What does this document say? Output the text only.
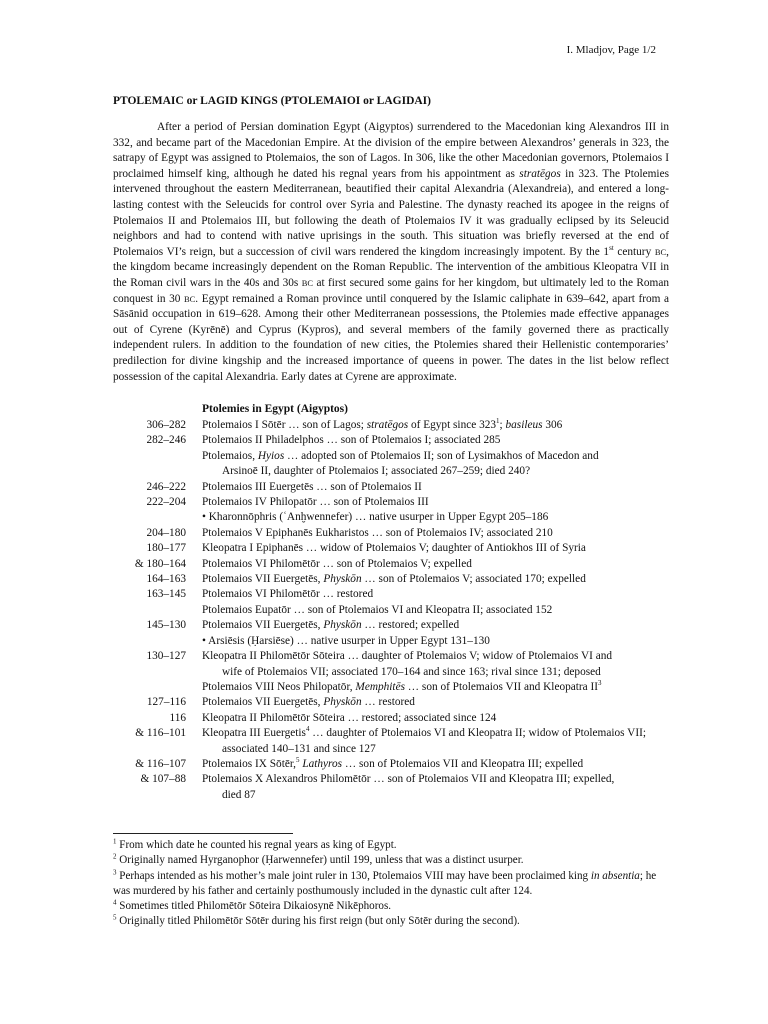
I. Mladjov, Page 1/2
PTOLEMAIC or LAGID KINGS (PTOLEMAIOI or LAGIDAI)

After a period of Persian domination Egypt (Aigyptos) surrendered to the Macedonian king Alexandros III in 332, and became part of the Macedonian Empire. At the division of the empire between Alexandros’ generals in 323, the satrapy of Egypt was assigned to Ptolemaios, the son of Lagos. In 306, like the other Macedonian governors, Ptolemaios I proclaimed himself king, although he dated his regnal years from his appointment as stratēgos in 323. The Ptolemies intervened throughout the eastern Mediterranean, beautified their capital Alexandria (Alexandreia), and entered a long-lasting contest with the Seleucids for control over Syria and Palestine. The dynasty reached its apogee in the reigns of Ptolemaios II and Ptolemaios III, but following the death of Ptolemaios IV it was gradually eclipsed by its Seleucid neighbors and had to contend with native uprisings in the south. This situation was briefly reversed at the end of Ptolemaios VI’s reign, but a succession of civil wars rendered the kingdom increasingly impotent. By the 1st century BC, the kingdom became increasingly dependent on the Roman Republic. The intervention of the ambitious Kleopatra VII in the Roman civil wars in the 40s and 30s BC at first secured some gains for her kingdom, but ultimately led to the Roman conquest in 30 BC. Egypt remained a Roman province until conquered by the Islamic caliphate in 639–642, apart from a Sāsānid occupation in 619–628. Among their other Mediterranean possessions, the Ptolemies made effective appanages out of Cyrene (Kyrēnē) and Cyprus (Kypros), and several members of the family governed there as practically independent rulers. In addition to the foundation of new cities, the Ptolemies shared their Hellenistic contemporaries’ predilection for divine kingship and the increased importance of queens in power. The dates in the list below reflect possession of the capital Alexandria. Early dates at Cyrene are approximate.

Ptolemies in Egypt (Aigyptos)
306–282 Ptolemaios I Sōtēr … son of Lagos; stratēgos of Egypt since $323^1$; basileus 306
282–246 Ptolemaios II Philadelphos … son of Ptolemaios I; associated 285
Ptolemaios, Hyios … adopted son of Ptolemaios II; son of Lysimakhos of Macedon and
Arsinoē II, daughter of Ptolemaios I; associated 267–259; died 240?
246–222 Ptolemaios III Euergetēs … son of Ptolemaios II
222–204 Ptolemaios IV Philopatōr … son of Ptolemaios III
• Kharonnōphris (ʿAnḫwennefer) … native usurper in Upper Egypt 205–186
204–180 Ptolemaios V Epiphanēs Eukharistos … son of Ptolemaios IV; associated 210
180–177 Kleopatra I Epiphanēs … widow of Ptolemaios V; daughter of Antiokhos III of Syria
& 180–164 Ptolemaios VI Philomētōr … son of Ptolemaios V; expelled
164–163 Ptolemaios VII Euergetēs, Physkōn … son of Ptolemaios V; associated 170; expelled
163–145 Ptolemaios VI Philomētōr … restored
Ptolemaios Eupatōr … son of Ptolemaios VI and Kleopatra II; associated 152
145–130 Ptolemaios VII Euergetēs, Physkōn … restored; expelled
• Arsiēsis (Ḥarsiēse) … native usurper in Upper Egypt 131–130
130–127 Kleopatra II Philomētōr Sōteira … daughter of Ptolemaios V; widow of Ptolemaios VI and
wife of Ptolemaios VII; associated 170–164 and since 163; rival since 131; deposed
Ptolemaios VIII Neos Philopatōr, Memphitēs … son of Ptolemaios VII and Kleopatra $II^3$
127–116 Ptolemaios VII Euergetēs, Physkōn … restored
116 Kleopatra II Philomētōr Sōteira … restored; associated since 124
& 116–101 Kleopatra III Euergetis$^4$ … daughter of Ptolemaios VI and Kleopatra II; widow of Ptolemaios VII;
associated 140–131 and since 127
& 116–107 Ptolemaios IX Sōtēr,$^5$ Lathyros … son of Ptolemaios VII and Kleopatra III; expelled
& 107–88 Ptolemaios X Alexandros Philomētōr … son of Ptolemaios VII and Kleopatra III; expelled,
died 87
$^1$ From which date he counted his regnal years as king of Egypt.
$^2$ Originally named Hyrganophor (Ḥarwennefer) until 199, unless that was a distinct usurper.
$^3$ Perhaps intended as his mother’s male joint ruler in 130, Ptolemaios VIII may have been proclaimed king in absentia; he was murdered by his father and certainly posthumously included in the dynastic cult after 124.
$^4$ Sometimes titled Philomētōr Sōteira Dikaiosynē Nikēphoros.
$^5$ Originally titled Philomētōr Sōtēr during his first reign (but only Sōtēr during the second).
